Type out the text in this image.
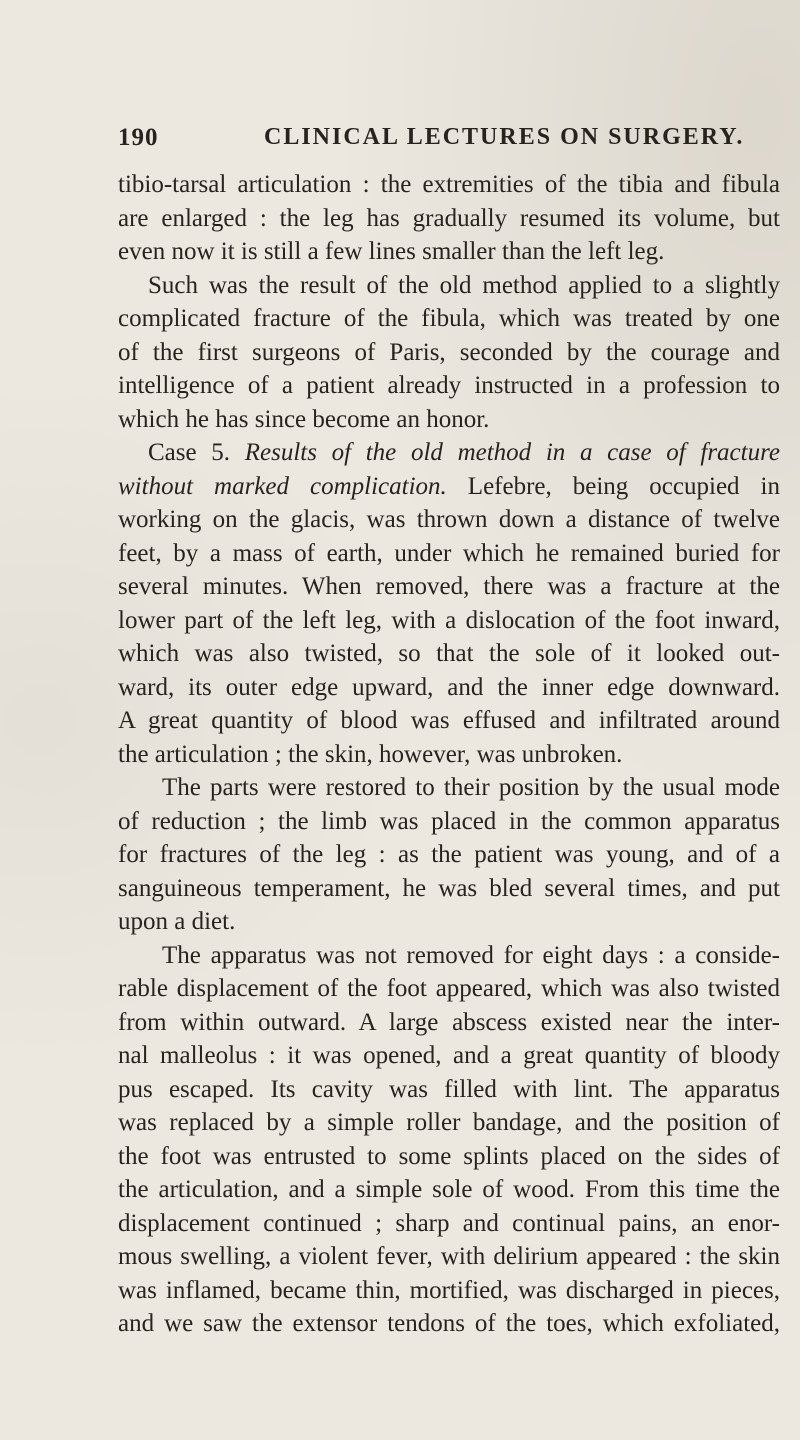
190	CLINICAL LECTURES ON SURGERY.
tibio-tarsal articulation : the extremities of the tibia and fibula
are enlarged : the leg has gradually resumed its volume, but
even now it is still a few lines smaller than the left leg.
Such was the result of the old method applied to a slightly
complicated fracture of the fibula, which was treated by one
of the first surgeons of Paris, seconded by the courage and
intelligence of a patient already instructed in a profession to
which he has since become an honor.
Case 5. Results of the old method in a case of fracture
without marked complication. Lefebre, being occupied in
working on the glacis, was thrown down a distance of twelve
feet, by a mass of earth, under which he remained buried for
several minutes. When removed, there was a fracture at the
lower part of the left leg, with a dislocation of the foot inward,
which was also twisted, so that the sole of it looked out-
ward, its outer edge upward, and the inner edge downward.
A great quantity of blood was effused and infiltrated around
the articulation ; the skin, however, was unbroken.
The parts were restored to their position by the usual mode
of reduction ; the limb was placed in the common apparatus
for fractures of the leg : as the patient was young, and of a
sanguineous temperament, he was bled several times, and put
upon a diet.
The apparatus was not removed for eight days : a conside-
rable displacement of the foot appeared, which was also twisted
from within outward. A large abscess existed near the inter-
nal malleolus : it was opened, and a great quantity of bloody
pus escaped. Its cavity was filled with lint. The apparatus
was replaced by a simple roller bandage, and the position of
the foot was entrusted to some splints placed on the sides of
the articulation, and a simple sole of wood. From this time the
displacement continued ; sharp and continual pains, an enor-
mous swelling, a violent fever, with delirium appeared : the skin
was inflamed, became thin, mortified, was discharged in pieces,
and we saw the extensor tendons of the toes, which exfoliated,
